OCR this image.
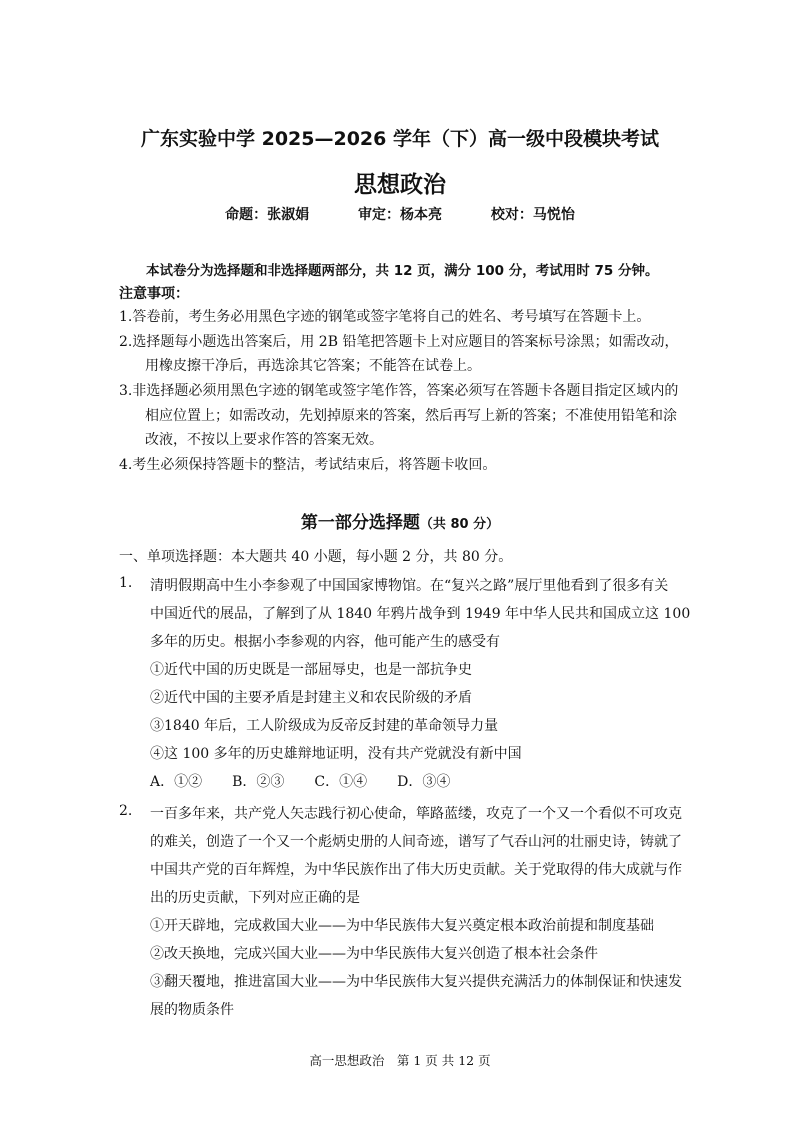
广东实验中学 2025—2026 学年（下）高一级中段模块考试
思想政治
命题：张淑娟	审定：杨本亮	校对：马悦怡
本试卷分为选择题和非选择题两部分，共 12 页，满分 100 分，考试用时 75 分钟。
注意事项：
1.答卷前，考生务必用黑色字迹的钢笔或签字笔将自己的姓名、考号填写在答题卡上。
2.选择题每小题选出答案后，用 2B 铅笔把答题卡上对应题目的答案标号涂黑；如需改动，
用橡皮擦干净后，再选涂其它答案；不能答在试卷上。
3.非选择题必须用黑色字迹的钢笔或签字笔作答，答案必须写在答题卡各题目指定区域内的
相应位置上；如需改动，先划掉原来的答案，然后再写上新的答案；不准使用铅笔和涂
改液，不按以上要求作答的答案无效。
4.考生必须保持答题卡的整洁，考试结束后，将答题卡收回。
第一部分选择题（共 80 分）
一、单项选择题：本大题共 40 小题，每小题 2 分，共 80 分。
1. 清明假期高中生小李参观了中国国家博物馆。在“复兴之路”展厅里他看到了很多有关
中国近代的展品，了解到了从 1840 年鸦片战争到 1949 年中华人民共和国成立这 100
多年的历史。根据小李参观的内容，他可能产生的感受有
①近代中国的历史既是一部屈辱史，也是一部抗争史
②近代中国的主要矛盾是封建主义和农民阶级的矛盾
③1840 年后，工人阶级成为反帝反封建的革命领导力量
④这 100 多年的历史雄辩地证明，没有共产党就没有新中国
A．①② B．②③ C．①④ D．③④
2. 一百多年来，共产党人矢志践行初心使命，筚路蓝缕，攻克了一个又一个看似不可攻克
的难关，创造了一个又一个彪炳史册的人间奇迹，谱写了气吞山河的壮丽史诗，铸就了
中国共产党的百年辉煌，为中华民族作出了伟大历史贡献。关于党取得的伟大成就与作
出的历史贡献，下列对应正确的是
①开天辟地，完成救国大业——为中华民族伟大复兴奠定根本政治前提和制度基础
②改天换地，完成兴国大业——为中华民族伟大复兴创造了根本社会条件
③翻天覆地，推进富国大业——为中华民族伟大复兴提供充满活力的体制保证和快速发
展的物质条件
高一思想政治　第 1 页 共 12 页
